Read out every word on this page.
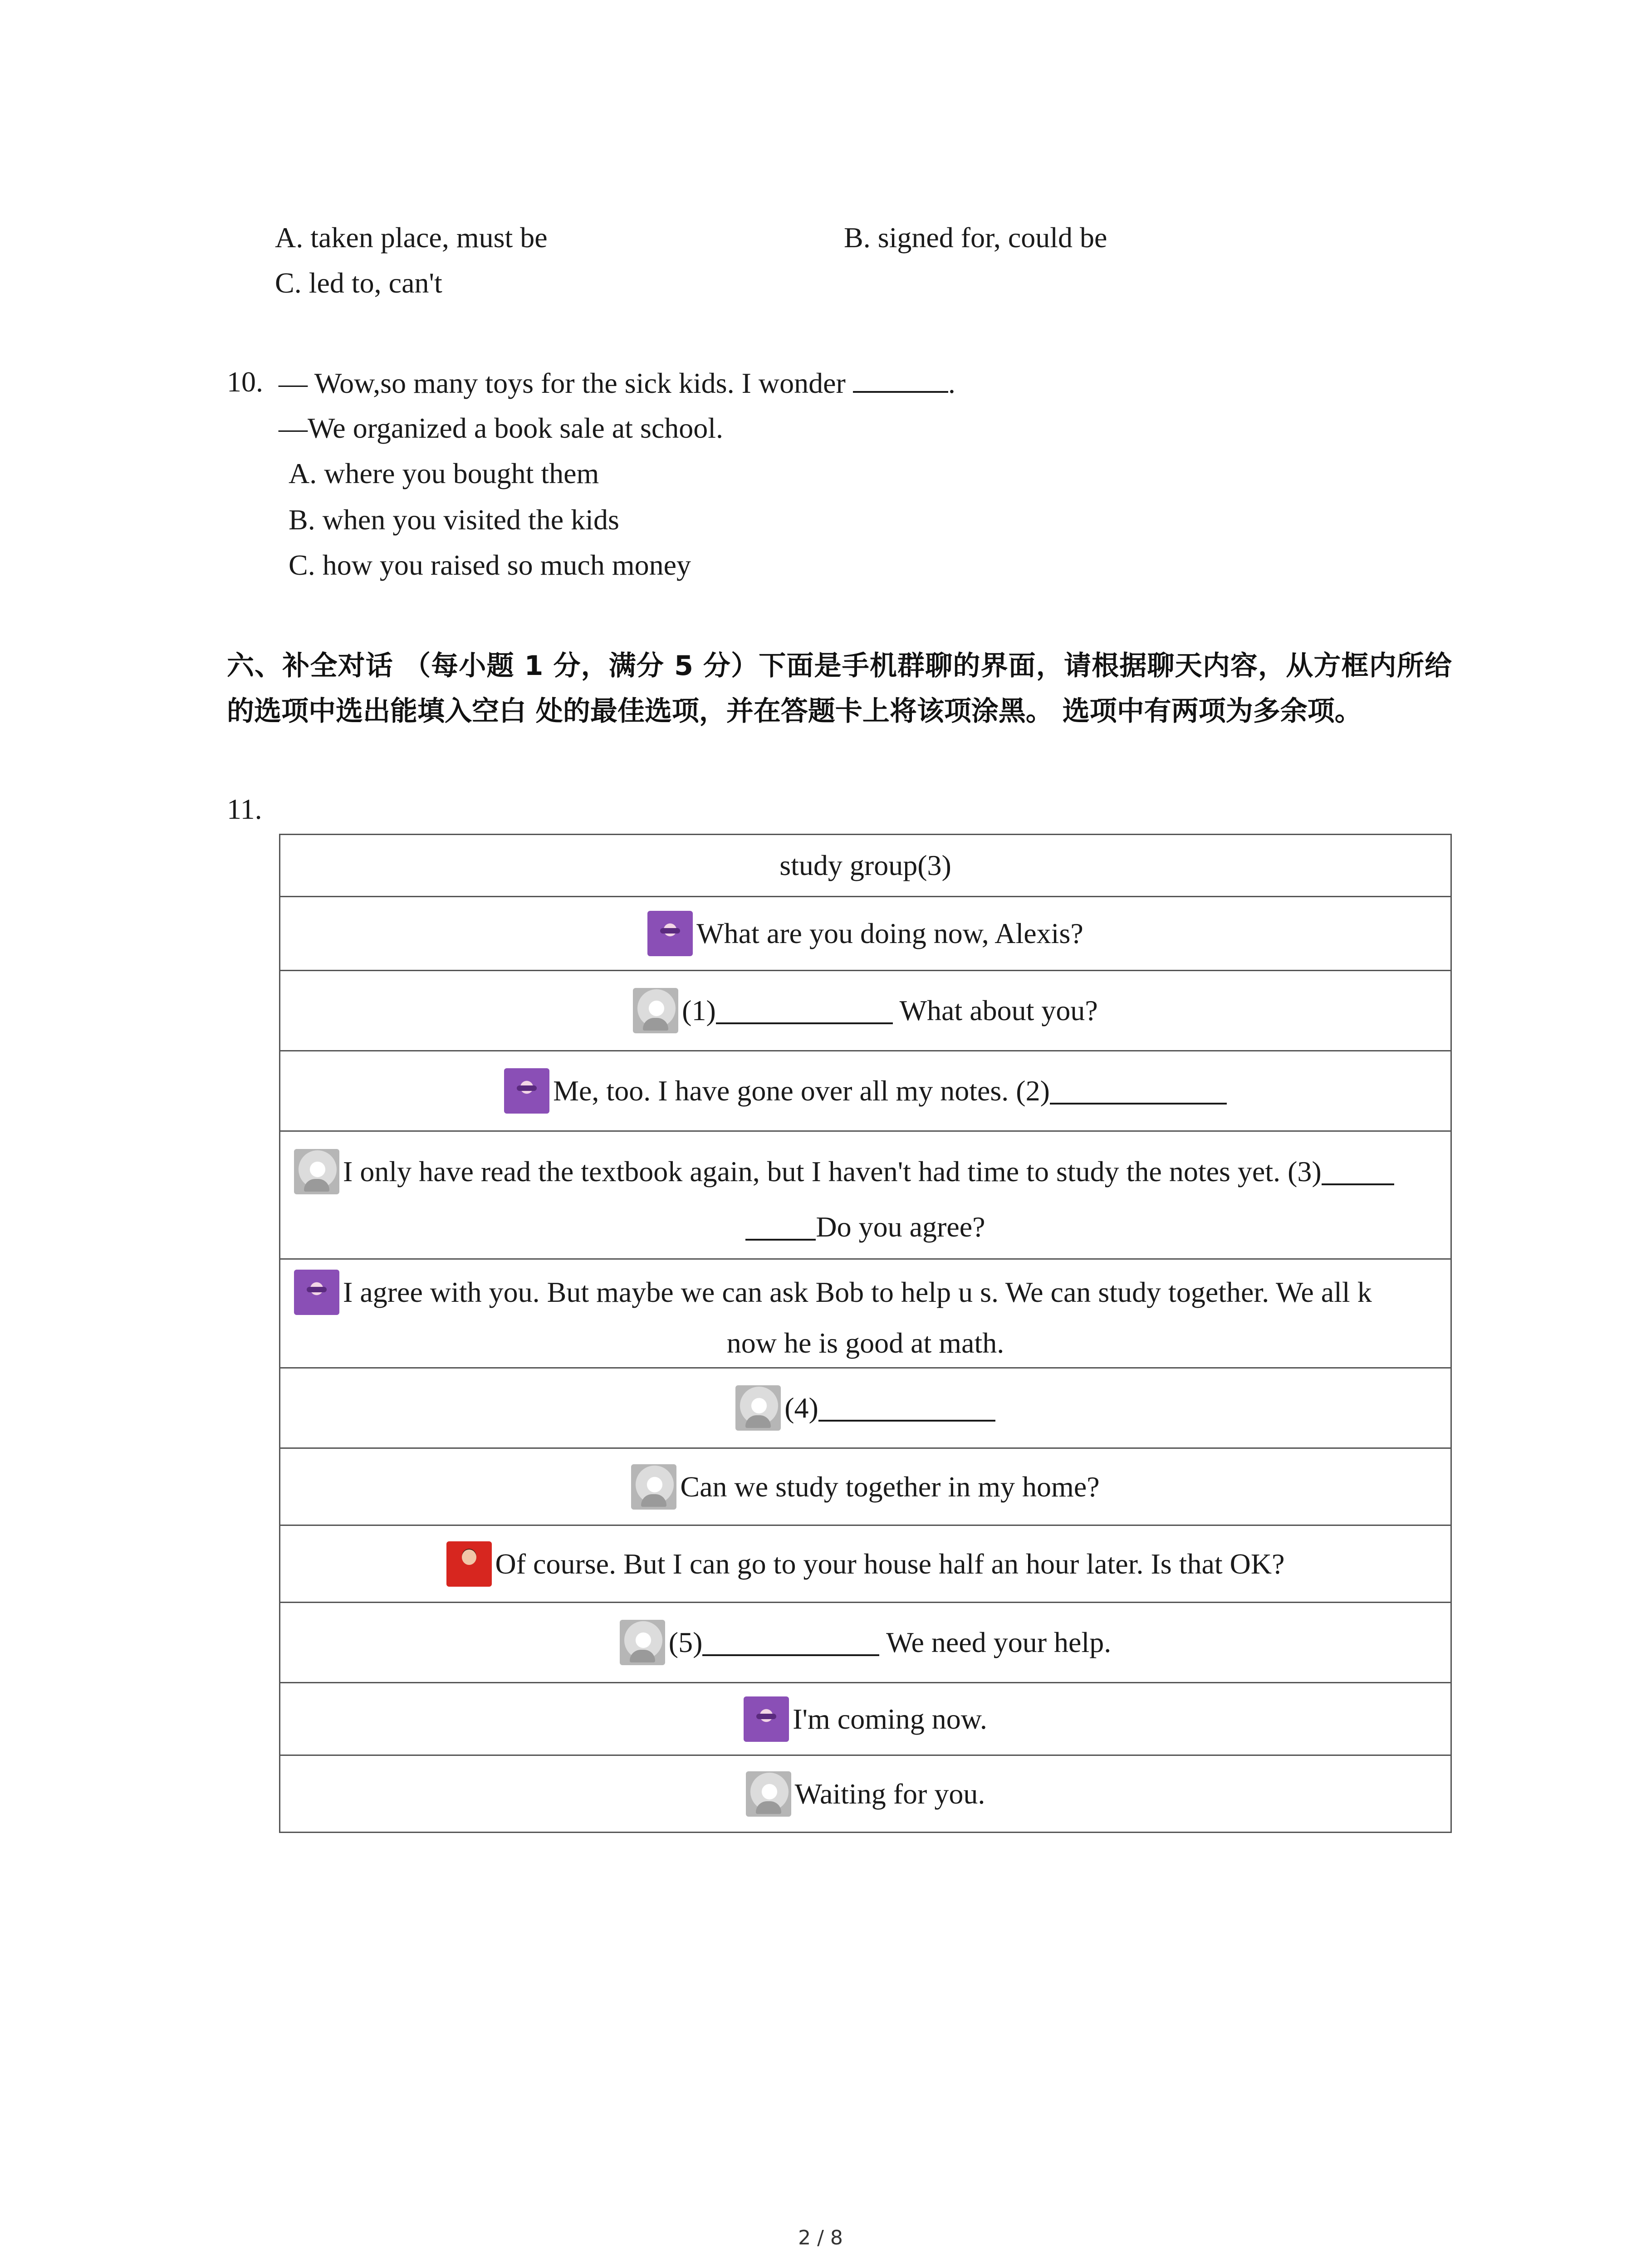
A. taken place, must be	B. signed for, could be
C. led to, can't
10. — Wow,so many toys for the sick kids. I wonder	.
—We organized a book sale at school.
A. where you bought them
B. when you visited the kids
C. how you raised so much money
六、补全对话 （每小题 1 分，满分 5 分）下面是手机群聊的界面，请根据聊天内容，从方框内所给的选项中选出能填入空白 处的最佳选项，并在答题卡上将该项涂黑。 选项中有两项为多余项。
11.
study group(3)
What are you doing now, Alexis?
(1)	What about you?
Me, too. I have gone over all my notes. (2)
I only have read the textbook again, but I haven't had time to study the notes yet. (3)
Do you agree?
I agree with you. But maybe we can ask Bob to help u s. We can study together. We all k
now he is good at math.
(4)
Can we study together in my home?
Of course. But I can go to your house half an hour later. Is that OK?
(5)	We need your help.
I'm coming now.
Waiting for you.
2 / 8
